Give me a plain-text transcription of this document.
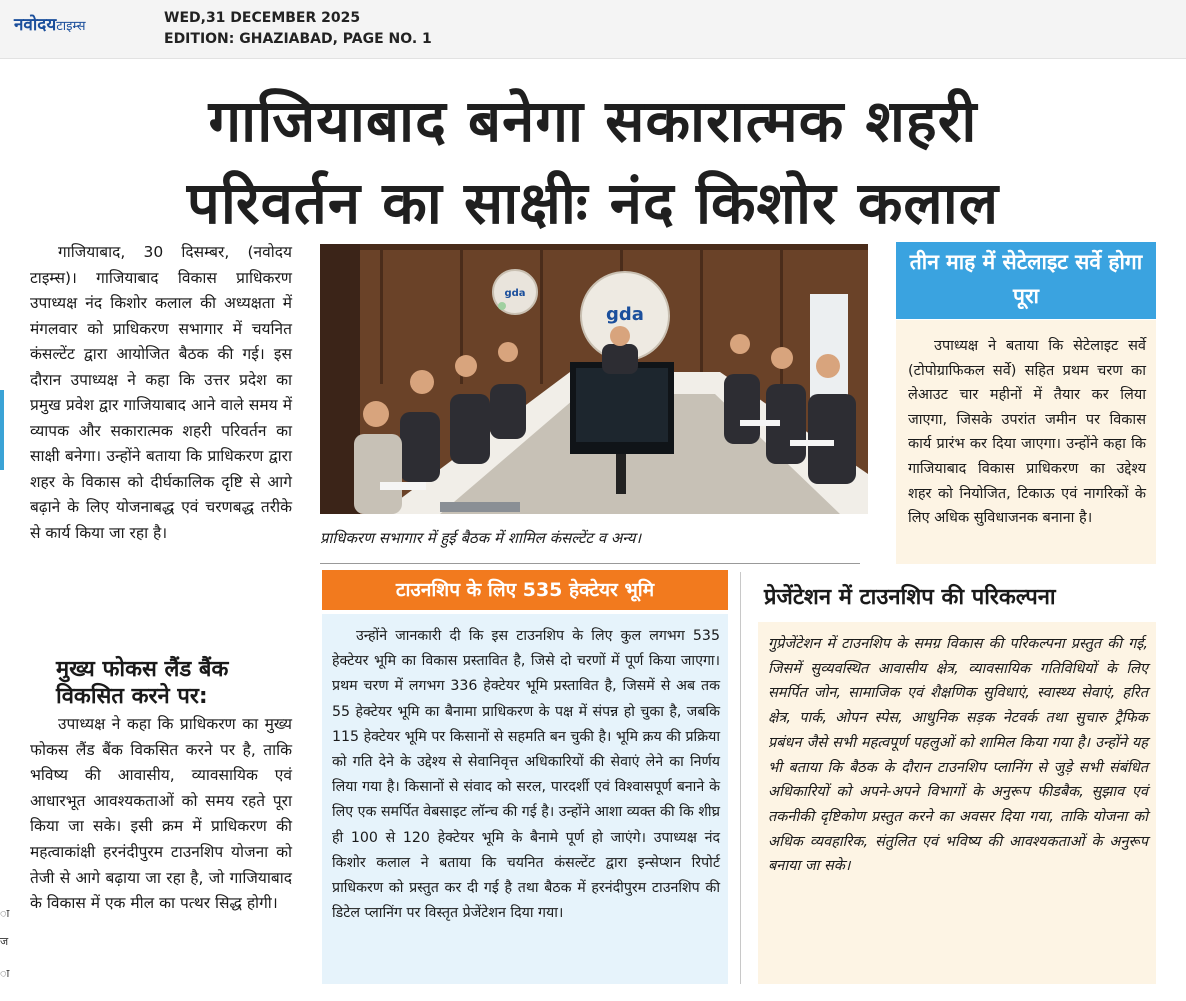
नवोदयटाइम्स
WED,31 DECEMBER 2025
EDITION: GHAZIABAD, PAGE NO. 1
गाजियाबाद बनेगा सकारात्मक शहरी
परिवर्तन का साक्षीः नंद किशोर कलाल
ा
ज
ा

गाजियाबाद, 30 दिसम्बर, (नवोदय टाइम्स)। गाजियाबाद विकास प्राधिकरण उपाध्यक्ष नंद किशोर कलाल की अध्यक्षता में मंगलवार को प्राधिकरण सभागार में चयनित कंसल्टेंट द्वारा आयोजित बैठक की गई। इस दौरान उपाध्यक्ष ने कहा कि उत्तर प्रदेश का प्रमुख प्रवेश द्वार गाजियाबाद आने वाले समय में व्यापक और सकारात्मक शहरी परिवर्तन का साक्षी बनेगा। उन्होंने बताया कि प्राधिकरण द्वारा शहर के विकास को दीर्घकालिक दृष्टि से आगे बढ़ाने के लिए योजनाबद्ध एवं चरणबद्ध तरीके से कार्य किया जा रहा है।

मुख्य फोकस लैंड बैंक विकसित करने पर:

उपाध्यक्ष ने कहा कि प्राधिकरण का मुख्य फोकस लैंड बैंक विकसित करने पर है, ताकि भविष्य की आवासीय, व्यावसायिक एवं आधारभूत आवश्यकताओं को समय रहते पूरा किया जा सके। इसी क्रम में प्राधिकरण की महत्वाकांक्षी हरनंदीपुरम टाउनशिप योजना को तेजी से आगे बढ़ाया जा रहा है, जो गाजियाबाद के विकास में एक मील का पत्थर सिद्ध होगी।

gda
gda
प्राधिकरण सभागार में हुई बैठक में शामिल कंसल्टेंट व अन्य।
तीन माह में सेटेलाइट सर्वे होगा पूरा

उपाध्यक्ष ने बताया कि सेटेलाइट सर्वे (टोपोग्राफिकल सर्वे) सहित प्रथम चरण का लेआउट चार महीनों में तैयार कर लिया जाएगा, जिसके उपरांत जमीन पर विकास कार्य प्रारंभ कर दिया जाएगा। उन्होंने कहा कि गाजियाबाद विकास प्राधिकरण का उद्देश्य शहर को नियोजित, टिकाऊ एवं नागरिकों के लिए अधिक सुविधाजनक बनाना है।

टाउनशिप के लिए 535 हेक्टेयर भूमि

उन्होंने जानकारी दी कि इस टाउनशिप के लिए कुल लगभग 535 हेक्टेयर भूमि का विकास प्रस्तावित है, जिसे दो चरणों में पूर्ण किया जाएगा। प्रथम चरण में लगभग 336 हेक्टेयर भूमि प्रस्तावित है, जिसमें से अब तक 55 हेक्टेयर भूमि का बैनामा प्राधिकरण के पक्ष में संपन्न हो चुका है, जबकि 115 हेक्टेयर भूमि पर किसानों से सहमति बन चुकी है। भूमि क्रय की प्रक्रिया को गति देने के उद्देश्य से सेवानिवृत्त अधिकारियों की सेवाएं लेने का निर्णय लिया गया है। किसानों से संवाद को सरल, पारदर्शी एवं विश्वासपूर्ण बनाने के लिए एक समर्पित वेबसाइट लॉन्च की गई है। उन्होंने आशा व्यक्त की कि शीघ्र ही 100 से 120 हेक्टेयर भूमि के बैनामे पूर्ण हो जाएंगे। उपाध्यक्ष नंद किशोर कलाल ने बताया कि चयनित कंसल्टेंट द्वारा इन्सेप्शन रिपोर्ट प्राधिकरण को प्रस्तुत कर दी गई है तथा बैठक में हरनंदीपुरम टाउनशिप की डिटेल प्लानिंग पर विस्तृत प्रेजेंटेशन दिया गया।

प्रेजेंटेशन में टाउनशिप की परिकल्पना

गुप्रेजेंटेशन में टाउनशिप के समग्र विकास की परिकल्पना प्रस्तुत की गई, जिसमें सुव्यवस्थित आवासीय क्षेत्र, व्यावसायिक गतिविधियों के लिए समर्पित जोन, सामाजिक एवं शैक्षणिक सुविधाएं, स्वास्थ्य सेवाएं, हरित क्षेत्र, पार्क, ओपन स्पेस, आधुनिक सड़क नेटवर्क तथा सुचारु ट्रैफिक प्रबंधन जैसे सभी महत्वपूर्ण पहलुओं को शामिल किया गया है। उन्होंने यह भी बताया कि बैठक के दौरान टाउनशिप प्लानिंग से जुड़े सभी संबंधित अधिकारियों को अपने-अपने विभागों के अनुरूप फीडबैक, सुझाव एवं तकनीकी दृष्टिकोण प्रस्तुत करने का अवसर दिया गया, ताकि योजना को अधिक व्यवहारिक, संतुलित एवं भविष्य की आवश्यकताओं के अनुरूप बनाया जा सके।
